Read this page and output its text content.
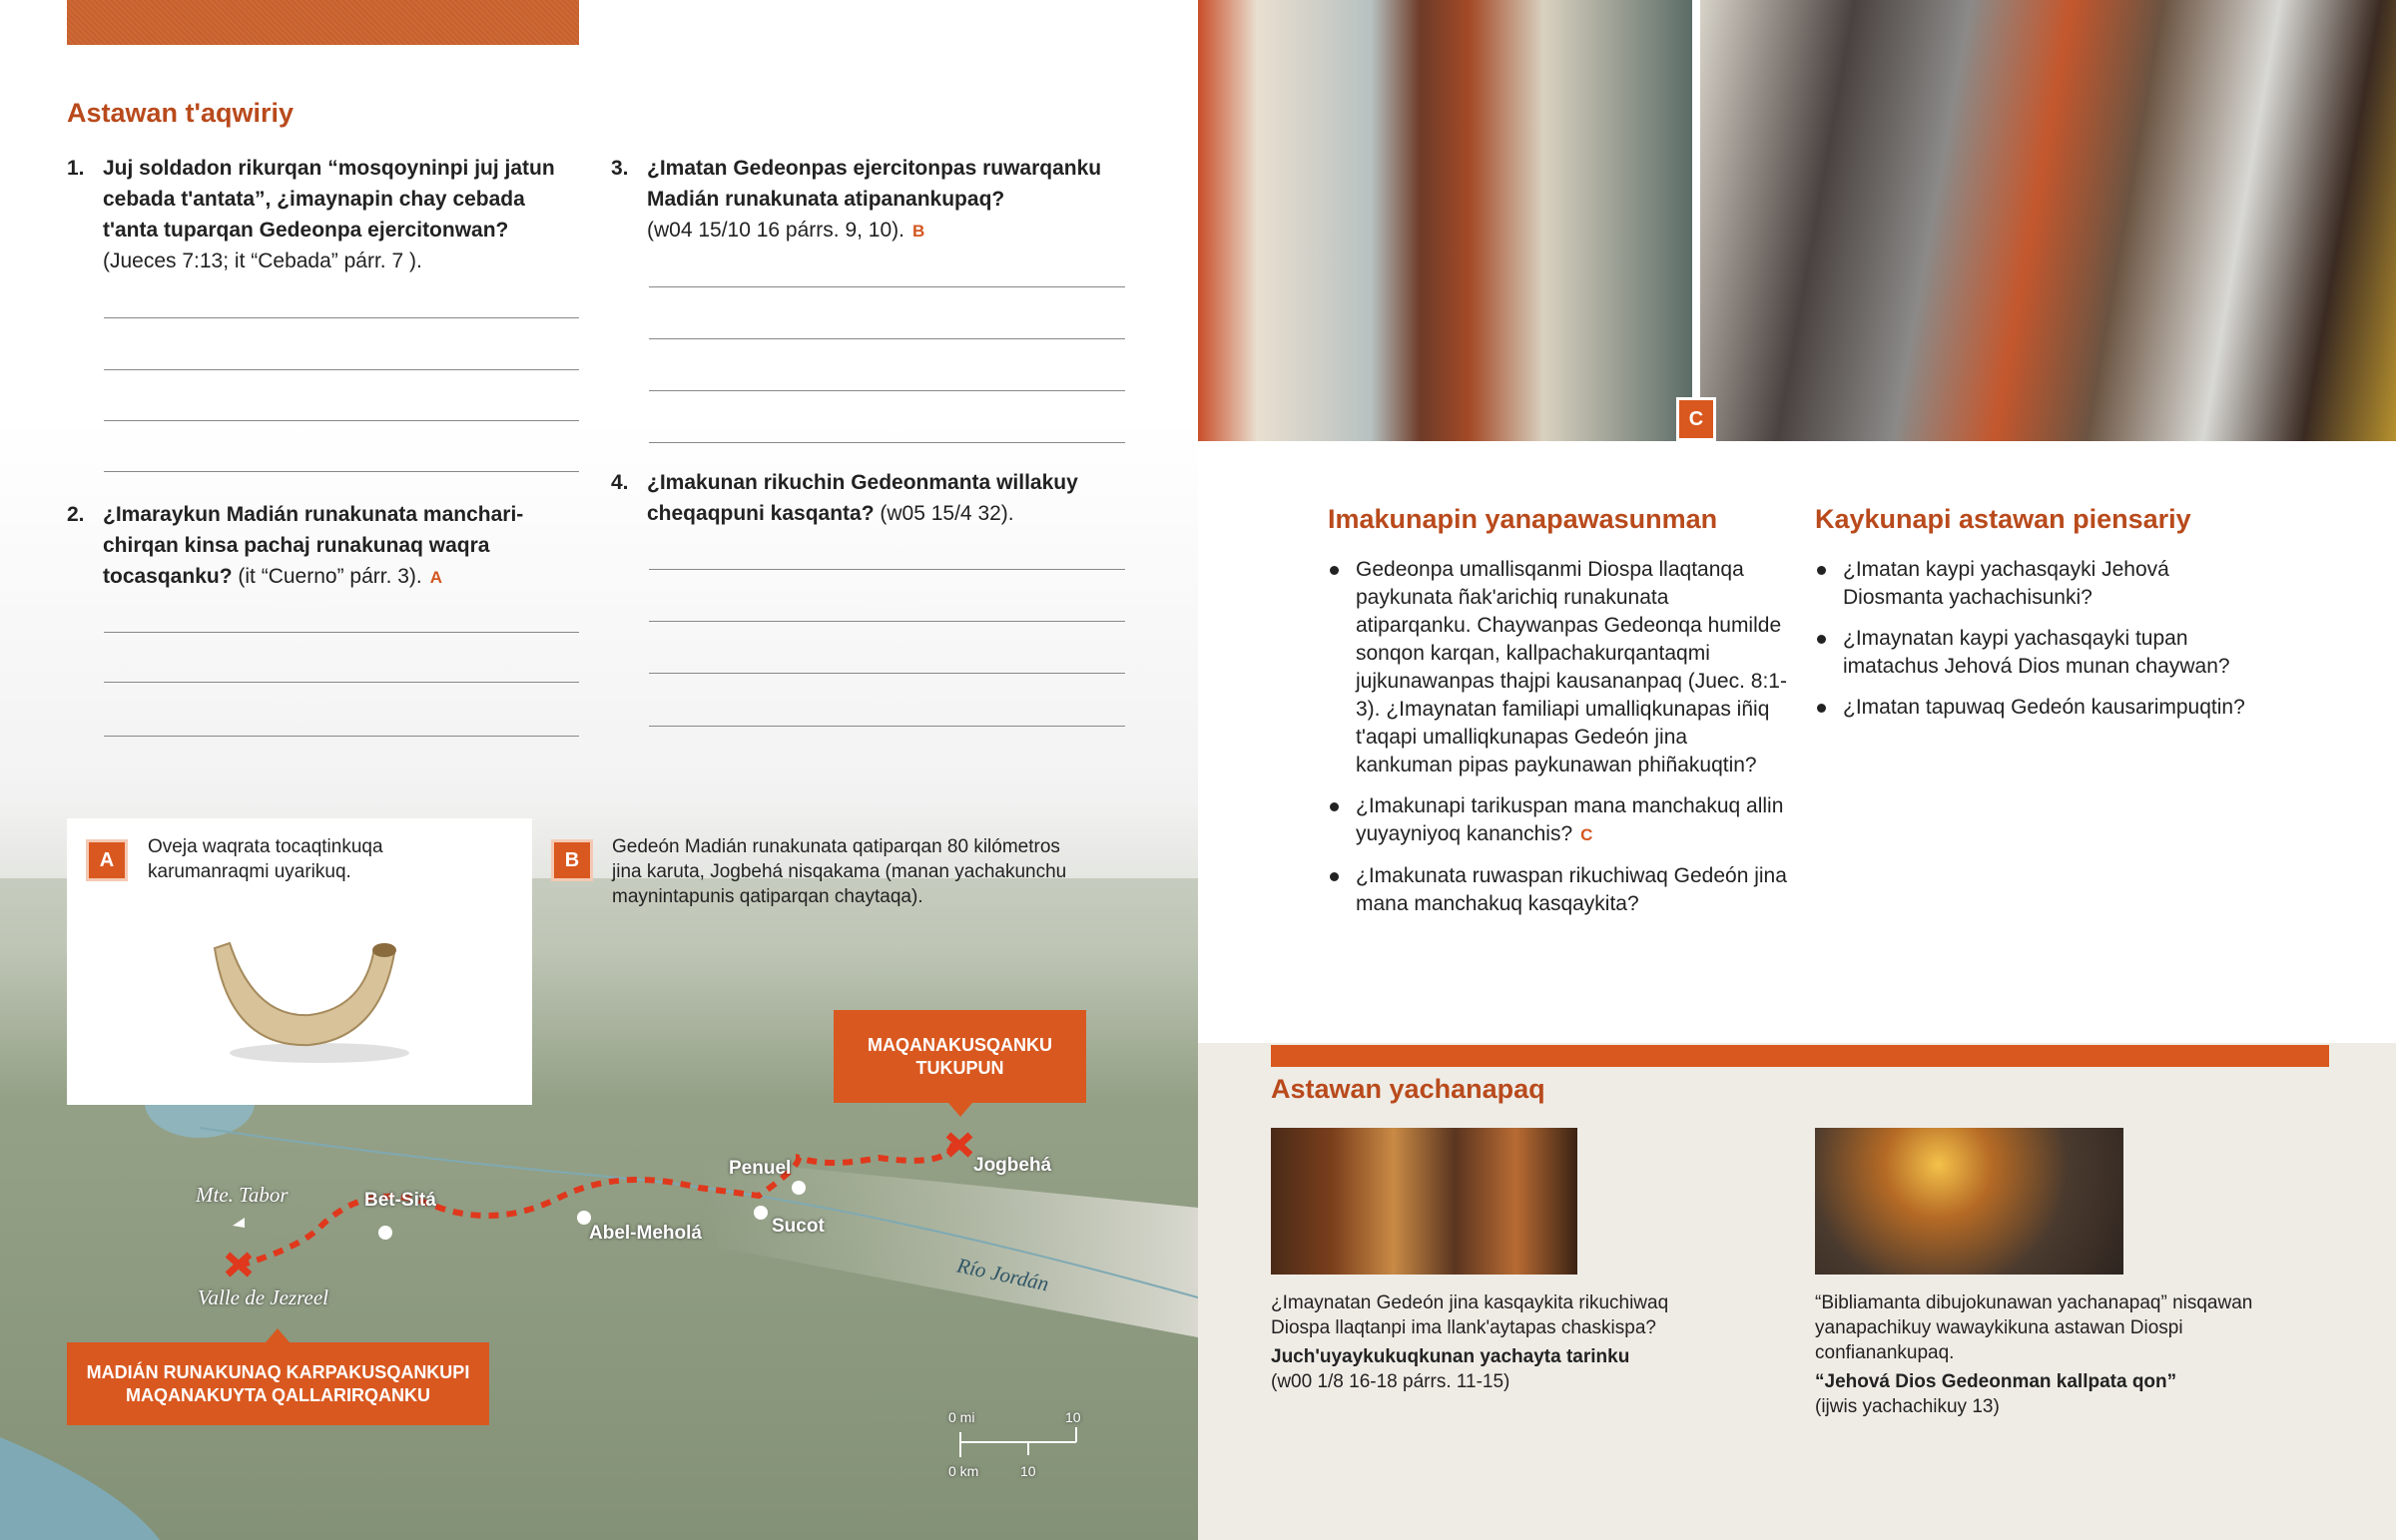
Astawan t'aqwiriy
1. Juj soldadon rikurqan “mosqoyninpi juj jatun cebada t'antata”, ¿imaynapin chay cebada t'anta tuparqan Gedeonpa ejercitonwan? (Jueces 7:13; it “Cebada” párr. 7 ).
2. ¿Imaraykun Madián runakunata manchari-chirqan kinsa pachaj runakunaq waqra tocasqanku? (it “Cuerno” párr. 3). A
3. ¿Imatan Gedeonpas ejercitonpas ruwarqanku Madián runakunata atipanankupaq?
(w04 15/10 16 párrs. 9, 10). B
4. ¿Imakunan rikuchin Gedeonmanta willakuy cheqaqpuni kasqanta? (w05 15/4 32).
Mte. Tabor	Bet-Sitá
Abel-Meholá	Sucot
Penuel	Jogbehá
Valle de Jezreel
Río Jordán
0 mi	10
0 km	10
MAQANAKUSQANKU TUKUPUN
MADIÁN RUNAKUNAQ KARPAKUSQANKUPI MAQANAKUYTA QALLARIRQANKU
A
Oveja waqrata tocaqtinkuqa karumanraqmi uyarikuq.
B
Gedeón Madián runakunata qatiparqan 80 kilómetros jina karuta, Jogbehá nisqakama (manan yachakunchu maynintapunis qatiparqan chaytaqa).
C
Imakunapin yanapawasunman
Gedeonpa umallisqanmi Diospa llaqtanqa paykunata ñak'arichiq runakunata atiparqanku. Chaywanpas Gedeonqa humilde sonqon karqan, kallpachakurqantaqmi jujkunawanpas thajpi kausananpaq (Juec. 8:1-3). ¿Imaynatan familiapi umalliqkunapas iñiq t'aqapi umalliqkunapas Gedeón jina kankuman pipas paykunawan phiñakuqtin?
¿Imakunapi tarikuspan mana manchakuq allin yuyayniyoq kananchis? C
¿Imakunata ruwaspan rikuchiwaq Gedeón jina mana manchakuq kasqaykita?
Kaykunapi astawan piensariy
¿Imatan kaypi yachasqayki Jehová Diosmanta yachachisunki?
¿Imaynatan kaypi yachasqayki tupan imatachus Jehová Dios munan chaywan?
¿Imatan tapuwaq Gedeón kausarimpuqtin?
Astawan yachanapaq
¿Imaynatan Gedeón jina kasqaykita rikuchiwaq Diospa llaqtanpi ima llank'aytapas chaskispa?
Juch'uyaykukuqkunan yachayta tarinku
(w00 1/8 16-18 párrs. 11-15)
“Bibliamanta dibujokunawan yachanapaq” nisqawan yanapachikuy wawaykikuna astawan Diospi confianankupaq.
“Jehová Dios Gedeonman kallpata qon”
(ijwis yachachikuy 13)
